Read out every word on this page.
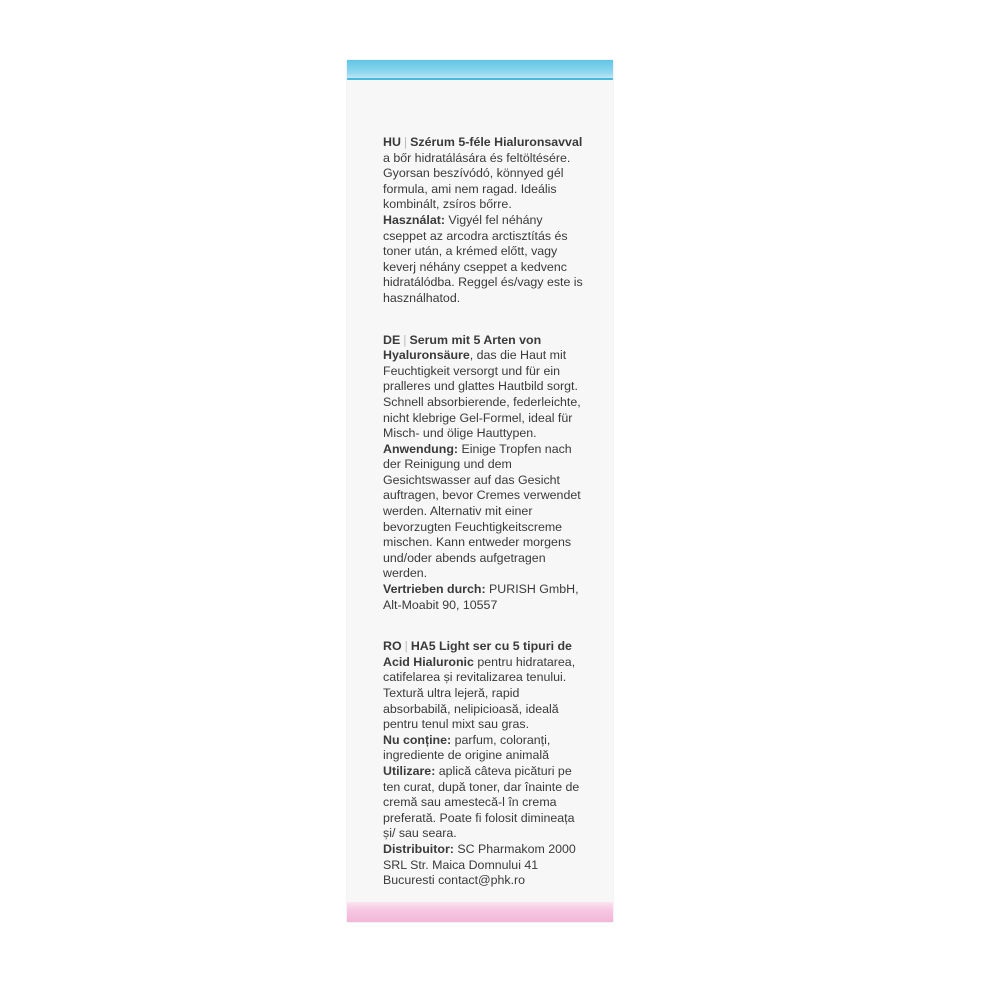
HU | Szérum 5-féle Hialuronsavval a bőr hidratálására és feltöltésére. Gyorsan beszívódó, könnyed gél formula, ami nem ragad. Ideális kombinált, zsíros bőrre.
Használat: Vigyél fel néhány cseppet az arcodra arctisztítás és toner után, a krémed előtt, vagy keverj néhány cseppet a kedvenc hidratálódba. Reggel és/vagy este is használhatod.

DE | Serum mit 5 Arten von Hyaluronsäure, das die Haut mit Feuchtigkeit versorgt und für ein pralleres und glattes Hautbild sorgt. Schnell absorbierende, federleichte, nicht klebrige Gel-Formel, ideal für Misch- und ölige Hauttypen.
Anwendung: Einige Tropfen nach der Reinigung und dem Gesichtswasser auf das Gesicht auftragen, bevor Cremes verwendet werden. Alternativ mit einer bevorzugten Feuchtigkeitscreme mischen. Kann entweder morgens und/oder abends aufgetragen werden.
Vertrieben durch: PURISH GmbH, Alt-Moabit 90, 10557

RO | HA5 Light ser cu 5 tipuri de Acid Hialuronic pentru hidratarea, catifelarea și revitalizarea tenului. Textură ultra lejeră, rapid absorbabilă, nelipicioasă, ideală pentru tenul mixt sau gras.
Nu conține: parfum, coloranți, ingrediente de origine animală
Utilizare: aplică câteva picături pe ten curat, după toner, dar înainte de cremă sau amestecă-l în crema preferată. Poate fi folosit dimineața și/ sau seara.
Distribuitor: SC Pharmakom 2000 SRL Str. Maica Domnului 41 Bucuresti contact@phk.ro
